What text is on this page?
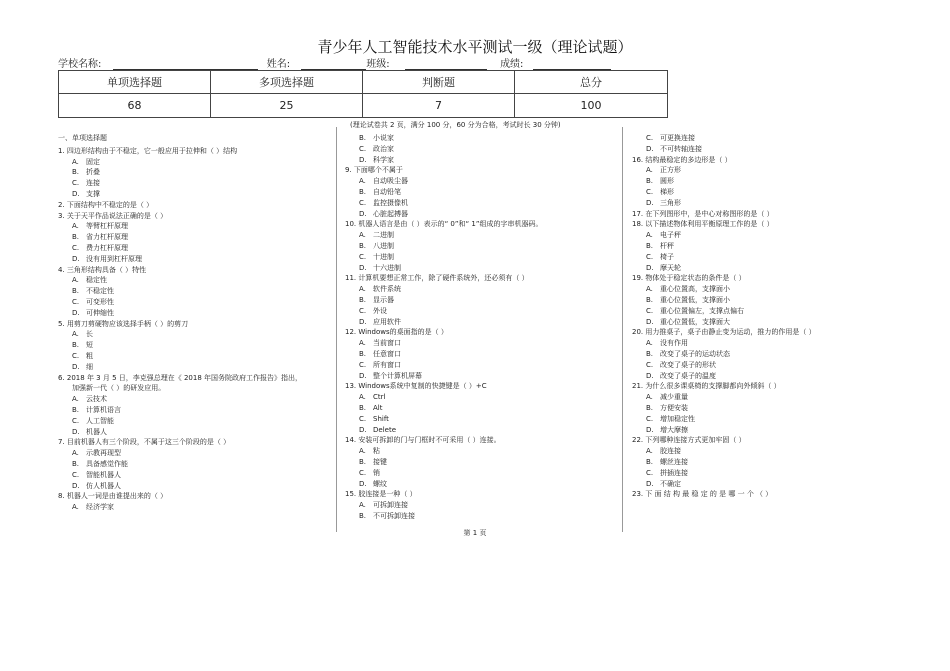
青少年人工智能技术水平测试一级（理论试题）
学校名称:	姓名:	班级:	成绩:
单项选择题	多项选择题	判断题	总分
68	25	7	100
(理论试卷共 2 页，满分 100 分，60 分为合格，考试时长 30 分钟)
一、单项选择题
1. 四边形结构由于不稳定，它一般应用于拉伸和（ ）结构
A. 固定
B. 折叠
C. 连接
D. 支撑
2. 下面结构中不稳定的是（ ）
3. 关于天平作品说法正确的是（ ）
A. 等臂杠杆原理
B. 省力杠杆原理
C. 费力杠杆原理
D. 没有用到杠杆原理
4. 三角形结构具备（ ）特性
A. 稳定性
B. 不稳定性
C. 可变形性
D. 可伸缩性
5. 用剪刀剪硬物应该选择手柄（ ）的剪刀
A. 长
B. 短
C. 粗
D. 细
6. 2018 年 3 月 5 日，李克强总理在《 2018 年国务院政府工作报告》指出，
加强新一代（ ）的研发应用。
A. 云技术
B. 计算机语言
C. 人工智能
D. 机器人
7. 目前机器人有三个阶段，不属于这三个阶段的是（ ）
A. 示教再现型
B. 具备感觉作能
C. 智能机器人
D. 仿人机器人
8. 机器人一词是由谁提出来的（ ）
A. 经济学家
B. 小说家
C. 政治家
D. 科学家
9. 下面哪个不属于
A. 自动吸尘器
B. 自动铅笔
C. 监控摄像机
D. 心脏起搏器
10. 机器人语言是由（ ）表示的“ 0”和“ 1”组成的字串机器码。
A. 二进制
B. 八进制
C. 十进制
D. 十六进制
11. 计算机要想正常工作，除了硬件系统外，还必须有（ ）
A. 软件系统
B. 显示器
C. 外设
D. 应用软件
12. Windows的桌面指的是（ ）
A. 当前窗口
B. 任意窗口
C. 所有窗口
D. 整个计算机屏幕
13. Windows系统中复制的快捷键是（ ）+C
A. Ctrl
B. Alt
C. Shift
D. Delete
14. 安装可拆卸的门与门框时不可采用（ ）连接。
A. 粘
B. 接键
C. 销
D. 螺纹
15. 胶连接是一种（ ）
A. 可拆卸连接
B. 不可拆卸连接
C. 可更换连接
D. 不可转轴连接
16. 结构最稳定的多边形是（ ）
A. 正方形
B. 圆形
C. 梯形
D. 三角形
17. 在下列图形中，是中心对称图形的是（ ）
18. 以下描述物体利用平衡原理工作的是（ ）
A. 电子秤
B. 杆秤
C. 椅子
D. 摩天轮
19. 物体处于稳定状态的条件是（ ）
A. 重心位置高，支撑面小
B. 重心位置低，支撑面小
C. 重心位置偏左，支撑点偏右
D. 重心位置低，支撑面大
20. 用力推桌子，桌子由静止变为运动，推力的作用是（ ）
A. 没有作用
B. 改变了桌子的运动状态
C. 改变了桌子的形状
D. 改变了桌子的温度
21. 为什么很多课桌椅的支撑脚都向外倾斜（ ）
A. 减少重量
B. 方便安装
C. 增加稳定性
D. 增大摩擦
22. 下列哪种连接方式更加牢固（ ）
A. 胶连接
B. 螺丝连接
C. 拼插连接
D. 不确定
23. 下 面 结 构 最 稳 定 的 是 哪 一 个 （ ）
第 1 页
